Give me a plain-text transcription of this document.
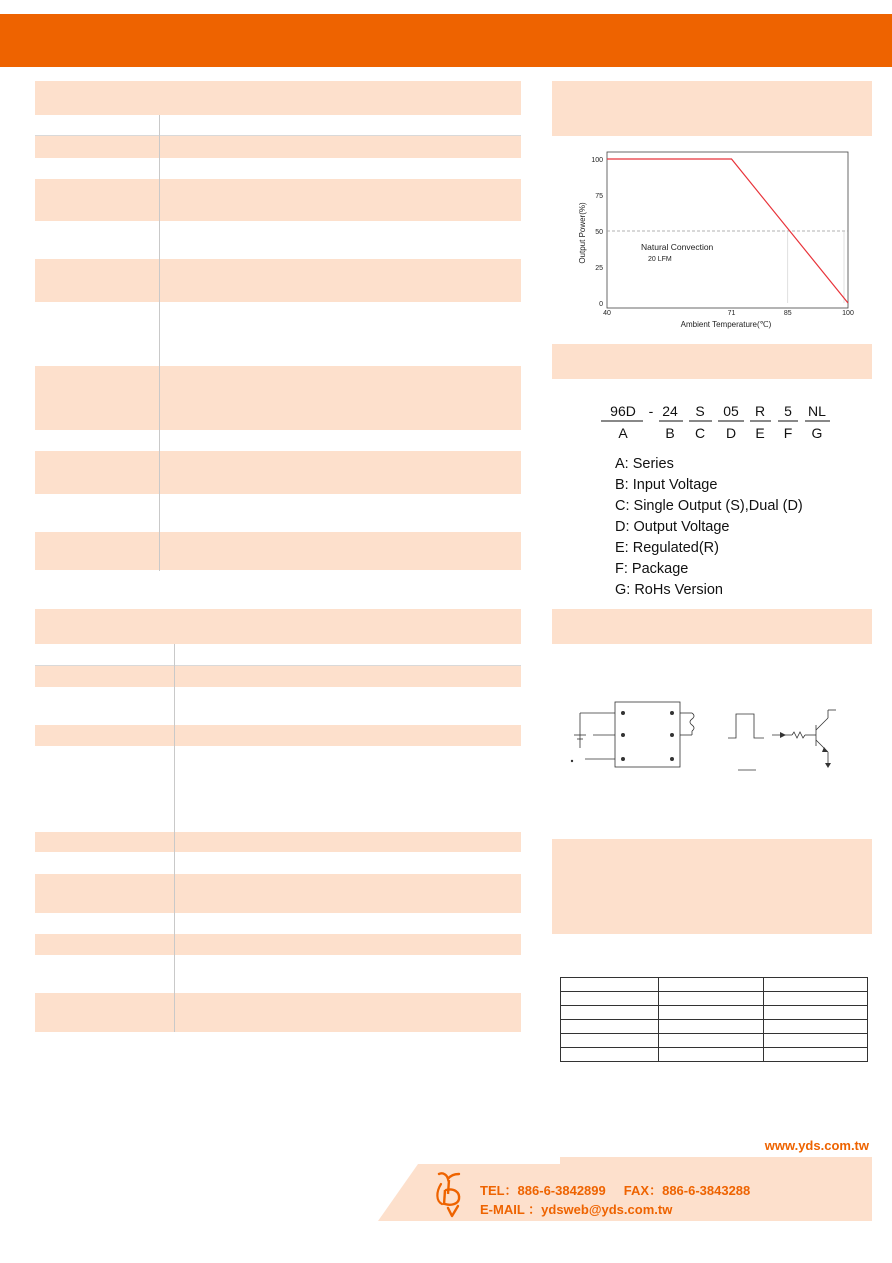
100
75
50
25
0
40	71	85	100
Natural Convection
20 LFM
Ambient Temperature(℃)
Output Power(%)
96D - 24 S 05 R 5 NL
A	B C D E F G
A: Series
B: Input Voltage
C: Single Output (S),Dual (D)
D: Output Voltage
E: Regulated(R)
F: Package
G: RoHs Version

www.yds.com.tw
TEL：886-6-3842899     FAX：886-6-3843288
E-MAIL ：ydsweb@yds.com.tw
